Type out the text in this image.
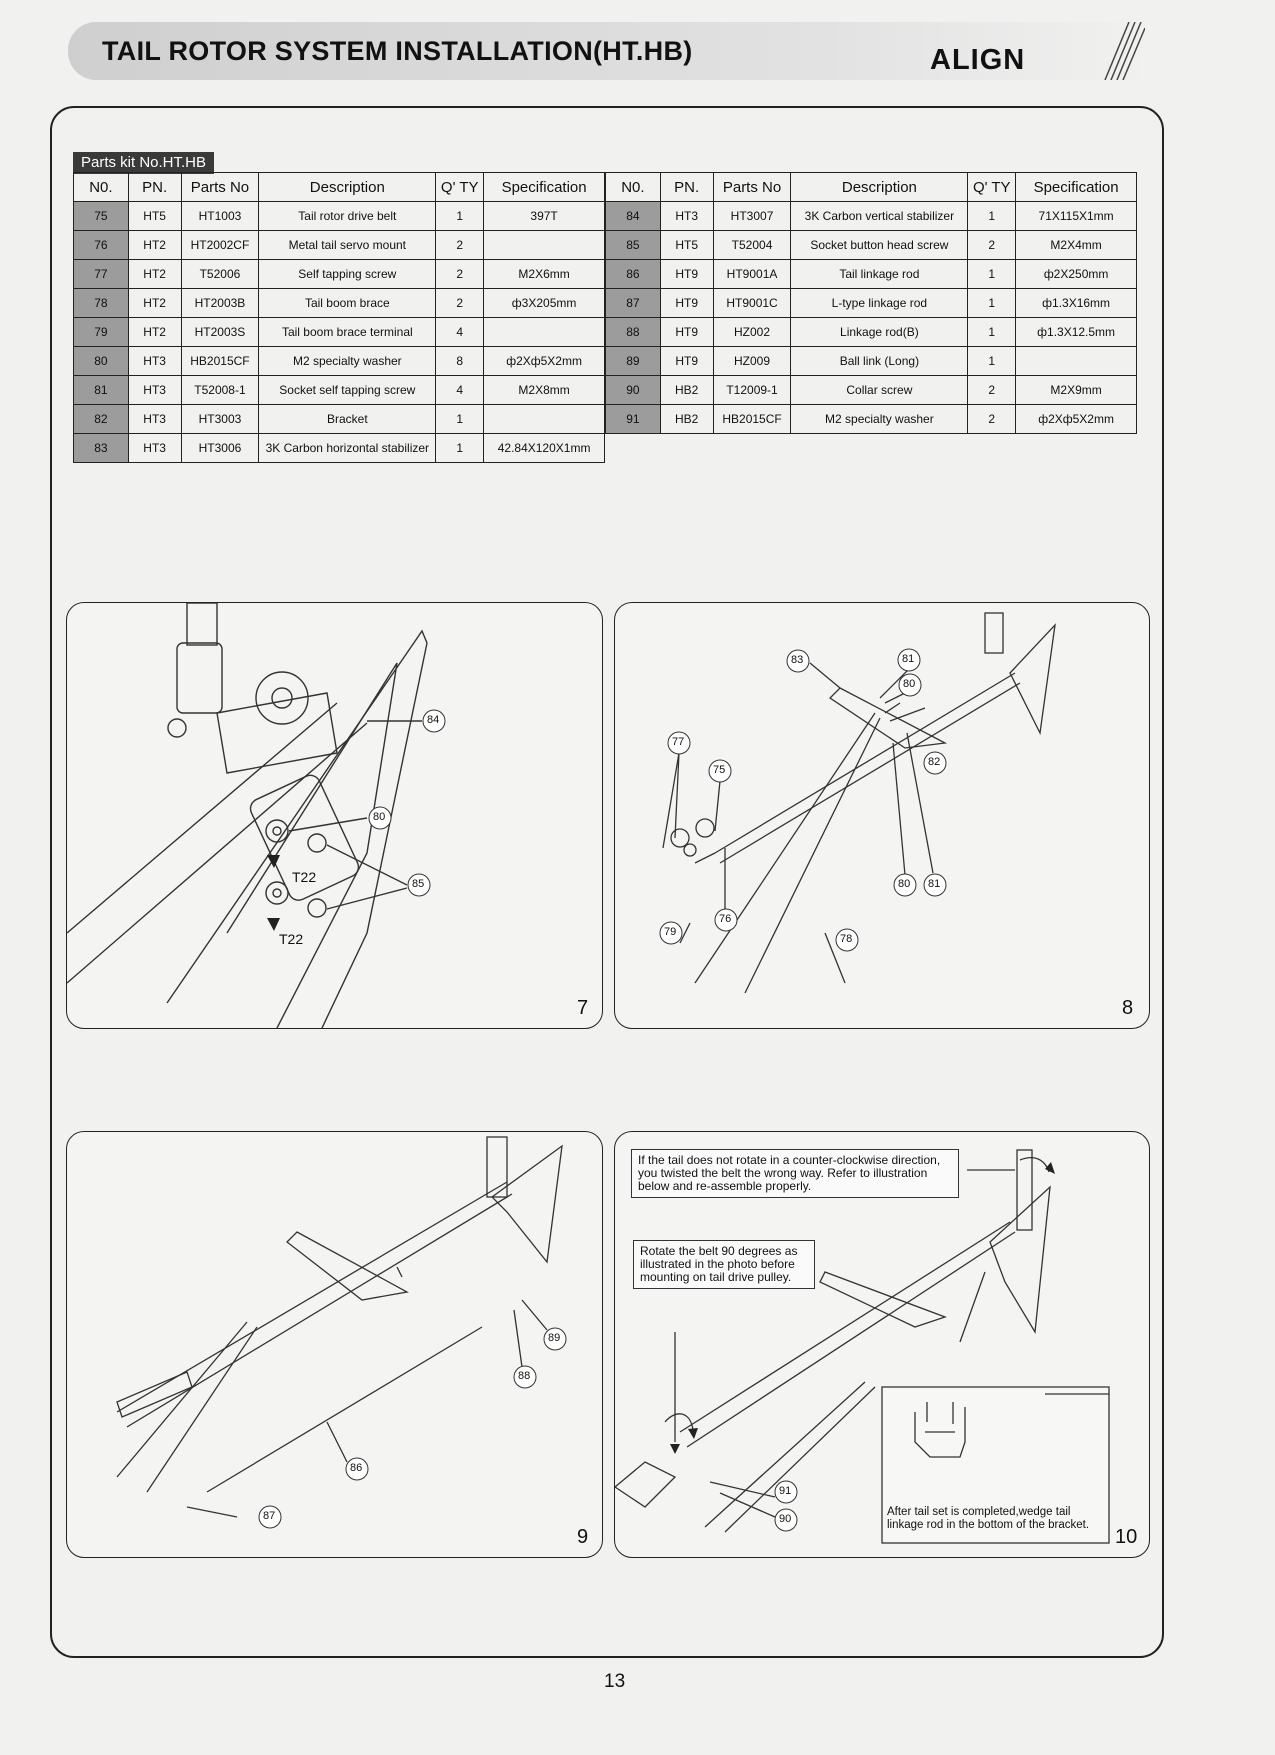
TAIL ROTOR SYSTEM INSTALLATION(HT.HB)	ALIGN
Parts kit No.HT.HB
N0.	PN.	Parts No	Description	Q' TY	Specification
75	HT5	HT1003	Tail rotor drive belt	1	397T
76	HT2	HT2002CF	Metal tail servo mount	2	
77	HT2	T52006	Self tapping screw	2	M2X6mm
78	HT2	HT2003B	Tail boom brace	2	ф3X205mm
79	HT2	HT2003S	Tail boom brace terminal	4	
80	HT3	HB2015CF	M2 specialty washer	8	ф2Xф5X2mm
81	HT3	T52008-1	Socket self tapping screw	4	M2X8mm
82	HT3	HT3003	Bracket	1	
83	HT3	HT3006	3K Carbon horizontal stabilizer	1	42.84X120X1mm
N0.	PN.	Parts No	Description	Q' TY	Specification
84	HT3	HT3007	3K Carbon vertical stabilizer	1	71X115X1mm
85	HT5	T52004	Socket button head screw	2	M2X4mm
86	HT9	HT9001A	Tail linkage rod	1	ф2X250mm
87	HT9	HT9001C	L-type linkage rod	1	ф1.3X16mm
88	HT9	HZ002	Linkage rod(B)	1	ф1.3X12.5mm
89	HT9	HZ009	Ball link (Long)	1	
90	HB2	T12009-1	Collar screw	2	M2X9mm
91	HB2	HB2015CF	M2 specialty washer	2	ф2Xф5X2mm
84
80
85
T22
T22
7
83	81
80
82
75
77
76
79
78
80 81
8
89
88
86
87
9
If the tail does not rotate in a counter-clockwise direction, you twisted the belt the wrong way. Refer to illustration below and re-assemble properly.
Rotate the belt 90 degrees as illustrated in the photo before mounting on tail drive pulley.
After tail set is completed,wedge tail linkage rod in the bottom of the bracket.
91
90
10
13
